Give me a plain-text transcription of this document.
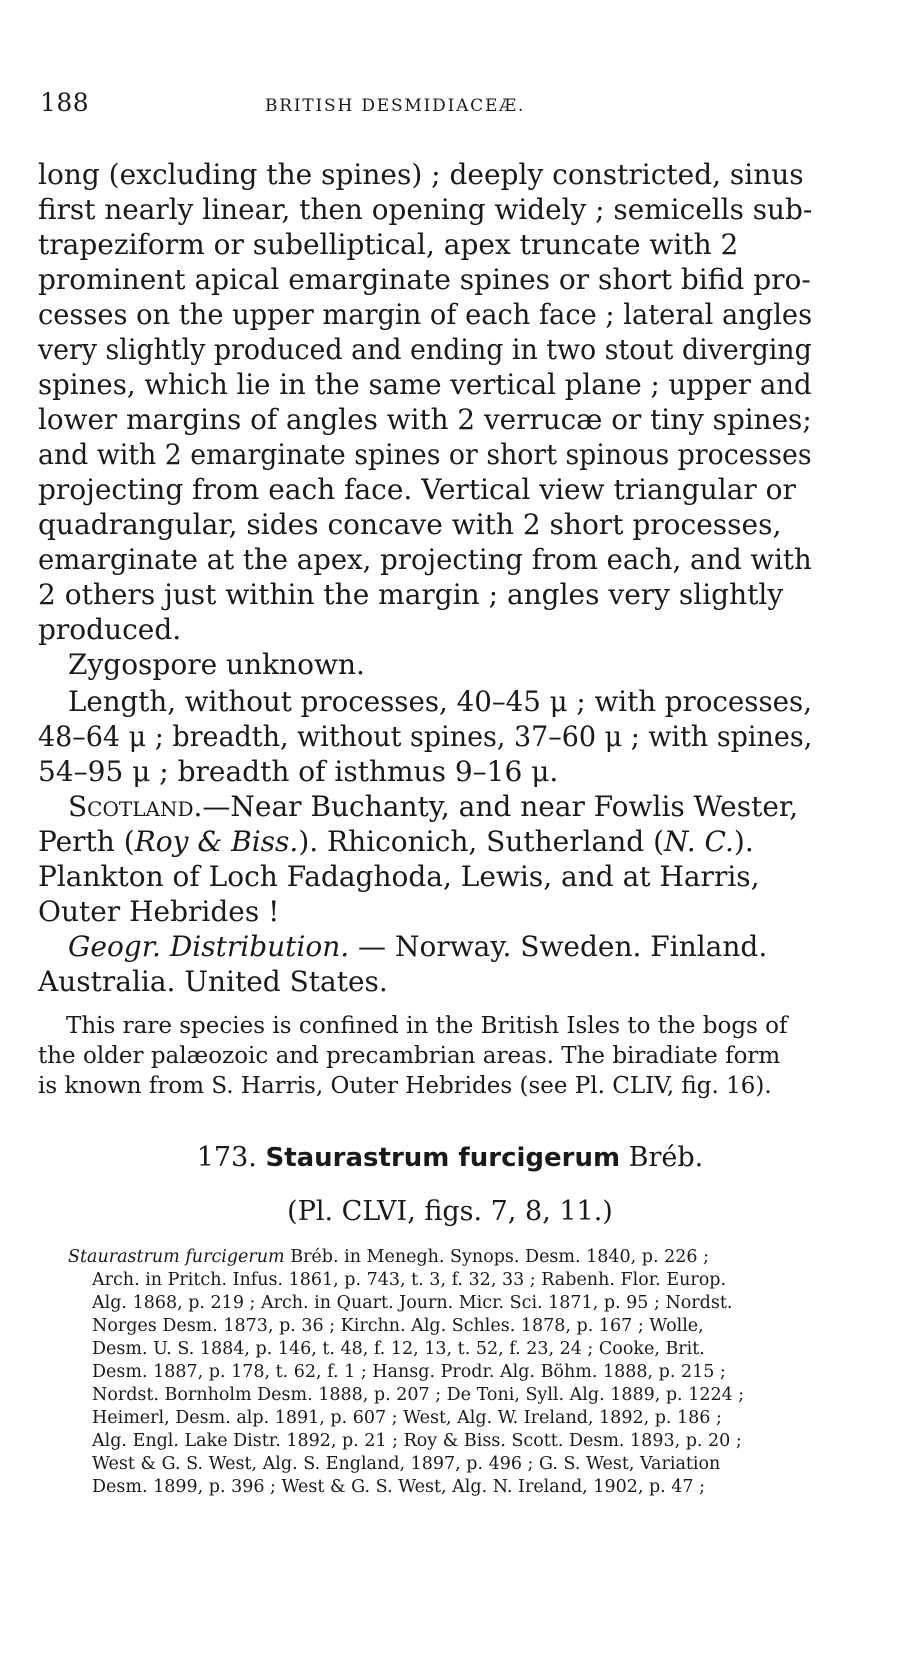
188	BRITISH DESMIDIACEÆ.
long (excluding the spines) ; deeply constricted, sinus
first nearly linear, then opening widely ; semicells sub-
trapeziform or subelliptical, apex truncate with 2
prominent apical emarginate spines or short bifid pro-
cesses on the upper margin of each face ; lateral angles
very slightly produced and ending in two stout diverging
spines, which lie in the same vertical plane ; upper and
lower margins of angles with 2 verrucæ or tiny spines;
and with 2 emarginate spines or short spinous processes
projecting from each face. Vertical view triangular or
quadrangular, sides concave with 2 short processes,
emarginate at the apex, projecting from each, and with
2 others just within the margin ; angles very slightly
produced.
Zygospore unknown.
Length, without processes, 40–45 μ ; with processes,
48–64 μ ; breadth, without spines, 37–60 μ ; with spines,
54–95 μ ; breadth of isthmus 9–16 μ.
Scotland.—Near Buchanty, and near Fowlis Wester,
Perth (Roy & Biss.). Rhiconich, Sutherland (N. C.).
Plankton of Loch Fadaghoda, Lewis, and at Harris,
Outer Hebrides !
Geogr. Distribution. — Norway. Sweden. Finland.
Australia. United States.
This rare species is confined in the British Isles to the bogs of
the older palæozoic and precambrian areas. The biradiate form
is known from S. Harris, Outer Hebrides (see Pl. CLIV, fig. 16).
173. Staurastrum furcigerum Bréb.
(Pl. CLVI, figs. 7, 8, 11.)
Staurastrum furcigerum Bréb. in Menegh. Synops. Desm. 1840, p. 226 ;
Arch. in Pritch. Infus. 1861, p. 743, t. 3, f. 32, 33 ; Rabenh. Flor. Europ.
Alg. 1868, p. 219 ; Arch. in Quart. Journ. Micr. Sci. 1871, p. 95 ; Nordst.
Norges Desm. 1873, p. 36 ; Kirchn. Alg. Schles. 1878, p. 167 ; Wolle,
Desm. U. S. 1884, p. 146, t. 48, f. 12, 13, t. 52, f. 23, 24 ; Cooke, Brit.
Desm. 1887, p. 178, t. 62, f. 1 ; Hansg. Prodr. Alg. Böhm. 1888, p. 215 ;
Nordst. Bornholm Desm. 1888, p. 207 ; De Toni, Syll. Alg. 1889, p. 1224 ;
Heimerl, Desm. alp. 1891, p. 607 ; West, Alg. W. Ireland, 1892, p. 186 ;
Alg. Engl. Lake Distr. 1892, p. 21 ; Roy & Biss. Scott. Desm. 1893, p. 20 ;
West & G. S. West, Alg. S. England, 1897, p. 496 ; G. S. West, Variation
Desm. 1899, p. 396 ; West & G. S. West, Alg. N. Ireland, 1902, p. 47 ;
